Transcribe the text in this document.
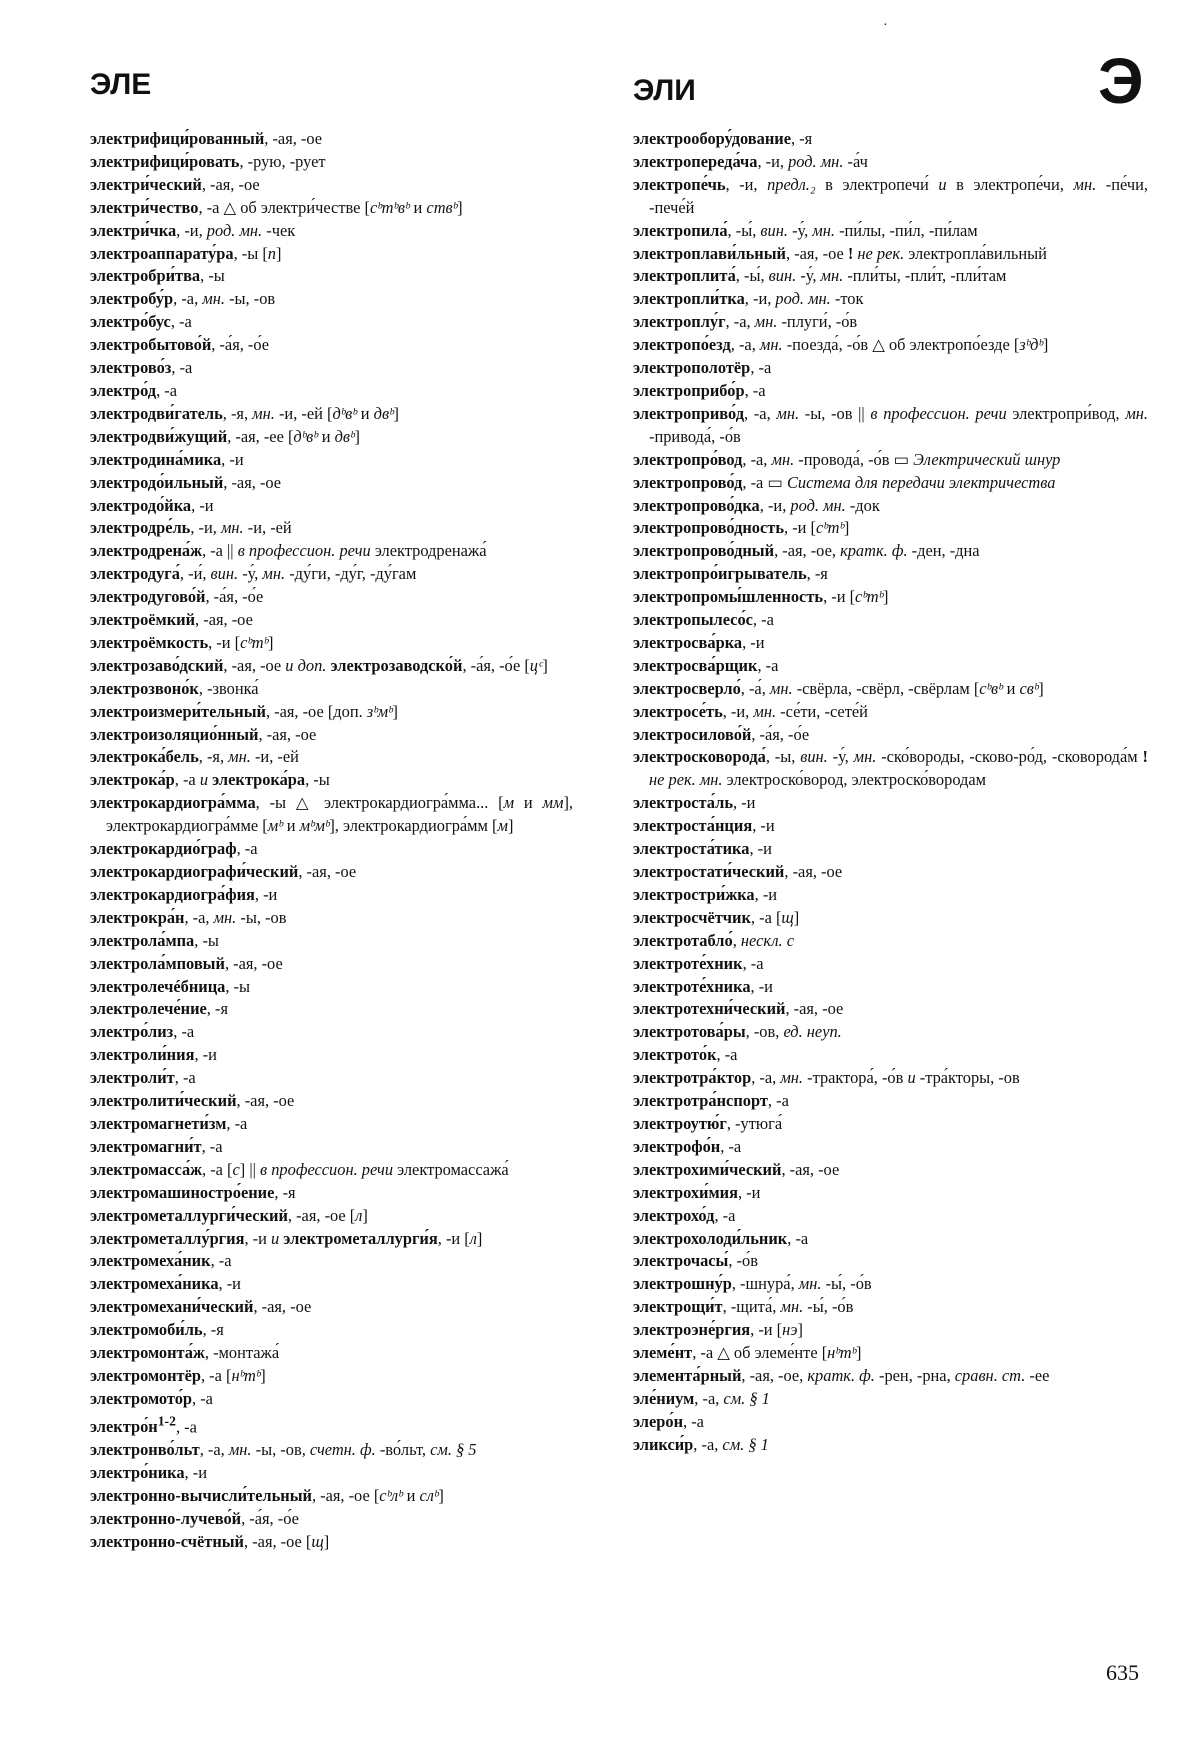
ЭЛЕ	ЭЛИ	Э
·

электрифици́рованный, -ая, -ое

электрифици́ровать, -рую, -рует

электри́ческий, -ая, -ое

электри́чество, -а △ об электри́честве [cᵇmᵇвᵇ и ствᵇ]

электри́чка, -и, род. мн. -чек

электроаппарату́ра, -ы [п]

электробри́тва, -ы

электробу́р, -а, мн. -ы, -ов

электро́бус, -а

электробытово́й, -а́я, -о́е

электрово́з, -а

электро́д, -а

электродви́гатель, -я, мн. -и, -ей [дᵇвᵇ и двᵇ]

электродви́жущий, -ая, -ее [дᵇвᵇ и двᵇ]

электродина́мика, -и

электродо́ильный, -ая, -ое

электродо́йка, -и

электродре́ль, -и, мн. -и, -ей

электродрена́ж, -а || в профессион. речи электродренажа́

электродуга́, -и́, вин. -у́, мн. -ду́ги, -ду́г, -ду́гам

электродугово́й, -а́я, -о́е

электроёмкий, -ая, -ое

электроёмкость, -и [cᵇmᵇ]

электрозаво́дский, -ая, -ое и доп. электрозаводско́й, -а́я, -о́е [цᶜ]

электрозвоно́к, -звонка́

электроизмери́тельный, -ая, -ое [доп. зᵇмᵇ]

электроизоляцио́нный, -ая, -ое

электрока́бель, -я, мн. -и, -ей

электрока́р, -а и электрока́ра, -ы

электрокардиогра́мма, -ы △ электрокардиогра́мма... [м и мм], электрокардиогра́мме [мᵇ и мᵇмᵇ], электрокардиогра́мм [м]

электрокардио́граф, -а

электрокардиографи́ческий, -ая, -ое

электрокардиогра́фия, -и

электрокра́н, -а, мн. -ы, -ов

электрола́мпа, -ы

электрола́мповый, -ая, -ое

электролечéбница, -ы

электролече́ние, -я

электро́лиз, -а

электроли́ния, -и

электроли́т, -а

электролити́ческий, -ая, -ое

электромагнети́зм, -а

электромагни́т, -а

электромасса́ж, -а [с] || в профессион. речи электромассажа́

электромашиностро́ение, -я

электрометаллурги́ческий, -ая, -ое [л]

электрометаллу́ргия, -и и электрометаллурги́я, -и [л]

электромеха́ник, -а

электромеха́ника, -и

электромехани́ческий, -ая, -ое

электромоби́ль, -я

электромонта́ж, -монтажа́

электромонтёр, -а [нᵇmᵇ]

электромото́р, -а

$электро́н^{1-2}$, -а

электронво́льт, -а, мн. -ы, -ов, счетн. ф. -во́льт, см. § 5

электро́ника, -и

электронно-вычисли́тельный, -ая, -ое [cᵇлᵇ и cлᵇ]

электронно-лучево́й, -а́я, -о́е

электронно-счётный, -ая, -ое [щ]

электрообору́дование, -я

электропереда́ча, -и, род. мн. -а́ч

электропе́чь, -и, предл.₂ в электропечи́ и в электропе́чи, мн. -пе́чи, -пече́й

электропила́, -ы́, вин. -у́, мн. -пи́лы, -пи́л, -пи́лам

электроплави́льный, -ая, -ое ! не рек. электропла́вильный

электроплита́, -ы́, вин. -у́, мн. -пли́ты, -пли́т, -пли́там

электропли́тка, -и, род. мн. -ток

электроплу́г, -а, мн. -плуги́, -о́в

электропо́езд, -а, мн. -поезда́, -о́в △ об электропо́езде [зᵇдᵇ]

электрополотёр, -а

электроприбо́р, -а

электроприво́д, -а, мн. -ы, -ов || в профессион. речи электропри́вод, мн. -привода́, -о́в

электропро́вод, -а, мн. -провода́, -о́в ▭ Электрический шнур

электропрово́д, -а ▭ Система для передачи электричества

электропрово́дка, -и, род. мн. -док

электропрово́дность, -и [cᵇmᵇ]

электропрово́дный, -ая, -ое, кратк. ф. -ден, -дна

электропро́игрыватель, -я

электропромы́шленность, -и [cᵇmᵇ]

электропылесо́с, -а

электросва́рка, -и

электросва́рщик, -а

электросверло́, -а́, мн. -свёрла, -свёрл, -свёрлам [cᵇвᵇ и свᵇ]

электросе́ть, -и, мн. -се́ти, -сете́й

электросилово́й, -а́я, -о́е

электросковорода́, -ы, вин. -у́, мн. -ско́вороды, -сково-ро́д, -сковорода́м ! не рек. мн. электроско́вород, электроско́вородам

электроста́ль, -и

электроста́нция, -и

электроста́тика, -и

электростати́ческий, -ая, -ое

электростри́жка, -и

электросчётчик, -а [щ]

электротабло́, нескл. с

электроте́хник, -а

электроте́хника, -и

электротехни́ческий, -ая, -ое

электротова́ры, -ов, ед. неуп.

электрото́к, -а

электротра́ктор, -а, мн. -трактора́, -о́в и -тра́кторы, -ов

электротра́нспорт, -а

электроутю́г, -утюга́

электрофо́н, -а

электрохими́ческий, -ая, -ое

электрохи́мия, -и

электрохо́д, -а

электрохолоди́льник, -а

электрочасы́, -о́в

электрошну́р, -шнура́, мн. -ы́, -о́в

электрощи́т, -щита́, мн. -ы́, -о́в

электроэне́ргия, -и [нэ]

элеме́нт, -а △ об элеме́нте [нᵇmᵇ]

элемента́рный, -ая, -ое, кратк. ф. -рен, -рна, сравн. ст. -ее

эле́ниум, -а, см. § 1

элеро́н, -а

эликси́р, -а, см. § 1

635
